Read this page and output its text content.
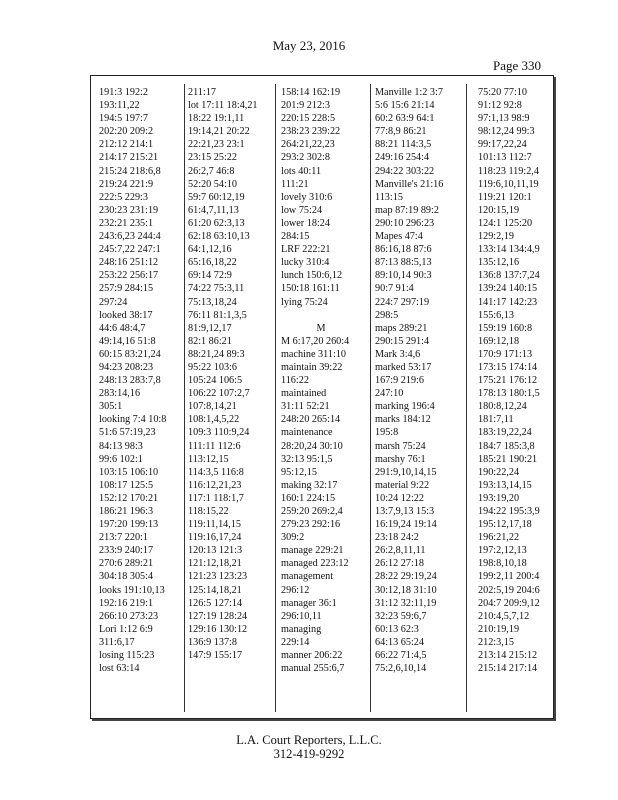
May 23, 2016
Page 330
191:3 192:2
193:11,22
194:5 197:7
202:20 209:2
212:12 214:1
214:17 215:21
215:24 218:6,8
219:24 221:9
222:5 229:3
230:23 231:19
232:21 235:1
243:6,23 244:4
245:7,22 247:1
248:16 251:12
253:22 256:17
257:9 284:15
297:24
looked 38:17
44:6 48:4,7
49:14,16 51:8
60:15 83:21,24
94:23 208:23
248:13 283:7,8
283:14,16
305:1
looking 7:4 10:8
51:6 57:19,23
84:13 98:3
99:6 102:1
103:15 106:10
108:17 125:5
152:12 170:21
186:21 196:3
197:20 199:13
213:7 220:1
233:9 240:17
270:6 289:21
304:18 305:4
looks 191:10,13
192:16 219:1
266:10 273:23
Lori 1:12 6:9
311:6,17
losing 115:23
lost 63:14
211:17
lot 17:11 18:4,21
18:22 19:1,11
19:14,21 20:22
22:21,23 23:1
23:15 25:22
26:2,7 46:8
52:20 54:10
59:7 60:12,19
61:4,7,11,13
61:20 62:3,13
62:18 63:10,13
64:1,12,16
65:16,18,22
69:14 72:9
74:22 75:3,11
75:13,18,24
76:11 81:1,3,5
81:9,12,17
82:1 86:21
88:21,24 89:3
95:22 103:6
105:24 106:5
106:22 107:2,7
107:8,14,21
108:1,4,5,22
109:3 110:9,24
111:11 112:6
113:12,15
114:3,5 116:8
116:12,21,23
117:1 118:1,7
118:15,22
119:11,14,15
119:16,17,24
120:13 121:3
121:12,18,21
121:23 123:23
125:14,18,21
126:5 127:14
127:19 128:24
129:16 130:12
136:9 137:8
147:9 155:17
158:14 162:19
201:9 212:3
220:15 228:5
238:23 239:22
264:21,22,23
293:2 302:8
lots 40:11
111:21
lovely 310:6
low 75:24
lower 18:24
284:15
LRF 222:21
lucky 310:4
lunch 150:6,12
150:18 161:11
lying 75:24

M
M 6:17,20 260:4
machine 311:10
maintain 39:22
116:22
maintained
31:11 52:21
248:20 265:14
maintenance
28:20,24 30:10
32:13 95:1,5
95:12,15
making 32:17
160:1 224:15
259:20 269:2,4
279:23 292:16
309:2
manage 229:21
managed 223:12
management
296:12
manager 36:1
296:10,11
managing
229:14
manner 206:22
manual 255:6,7
Manville 1:2 3:7
5:6 15:6 21:14
60:2 63:9 64:1
77:8,9 86:21
88:21 114:3,5
249:16 254:4
294:22 303:22
Manville's 21:16
113:15
map 87:19 89:2
290:10 296:23
Mapes 47:4
86:16,18 87:6
87:13 88:5,13
89:10,14 90:3
90:7 91:4
224:7 297:19
298:5
maps 289:21
290:15 291:4
Mark 3:4,6
marked 53:17
167:9 219:6
247:10
marking 196:4
marks 184:12
195:8
marsh 75:24
marshy 76:1
291:9,10,14,15
material 9:22
10:24 12:22
13:7,9,13 15:3
16:19,24 19:14
23:18 24:2
26:2,8,11,11
26:12 27:18
28:22 29:19,24
30:12,18 31:10
31:12 32:11,19
32:23 59:6,7
60:13 62:3
64:13 65:24
66:22 71:4,5
75:2,6,10,14
75:20 77:10
91:12 92:8
97:1,13 98:9
98:12,24 99:3
99:17,22,24
101:13 112:7
118:23 119:2,4
119:6,10,11,19
119:21 120:1
120:15,19
124:1 125:20
129:2,19
133:14 134:4,9
135:12,16
136:8 137:7,24
139:24 140:15
141:17 142:23
155:6,13
159:19 160:8
169:12,18
170:9 171:13
173:15 174:14
175:21 176:12
178:13 180:1,5
180:8,12,24
181:7,11
183:19,22,24
184:7 185:3,8
185:21 190:21
190:22,24
193:13,14,15
193:19,20
194:22 195:3,9
195:12,17,18
196:21,22
197:2,12,13
198:8,10,18
199:2,11 200:4
202:5,19 204:6
204:7 209:9,12
210:4,5,7,12
210:19,19
212:3,15
213:14 215:12
215:14 217:14
L.A. Court Reporters, L.L.C.
312-419-9292
